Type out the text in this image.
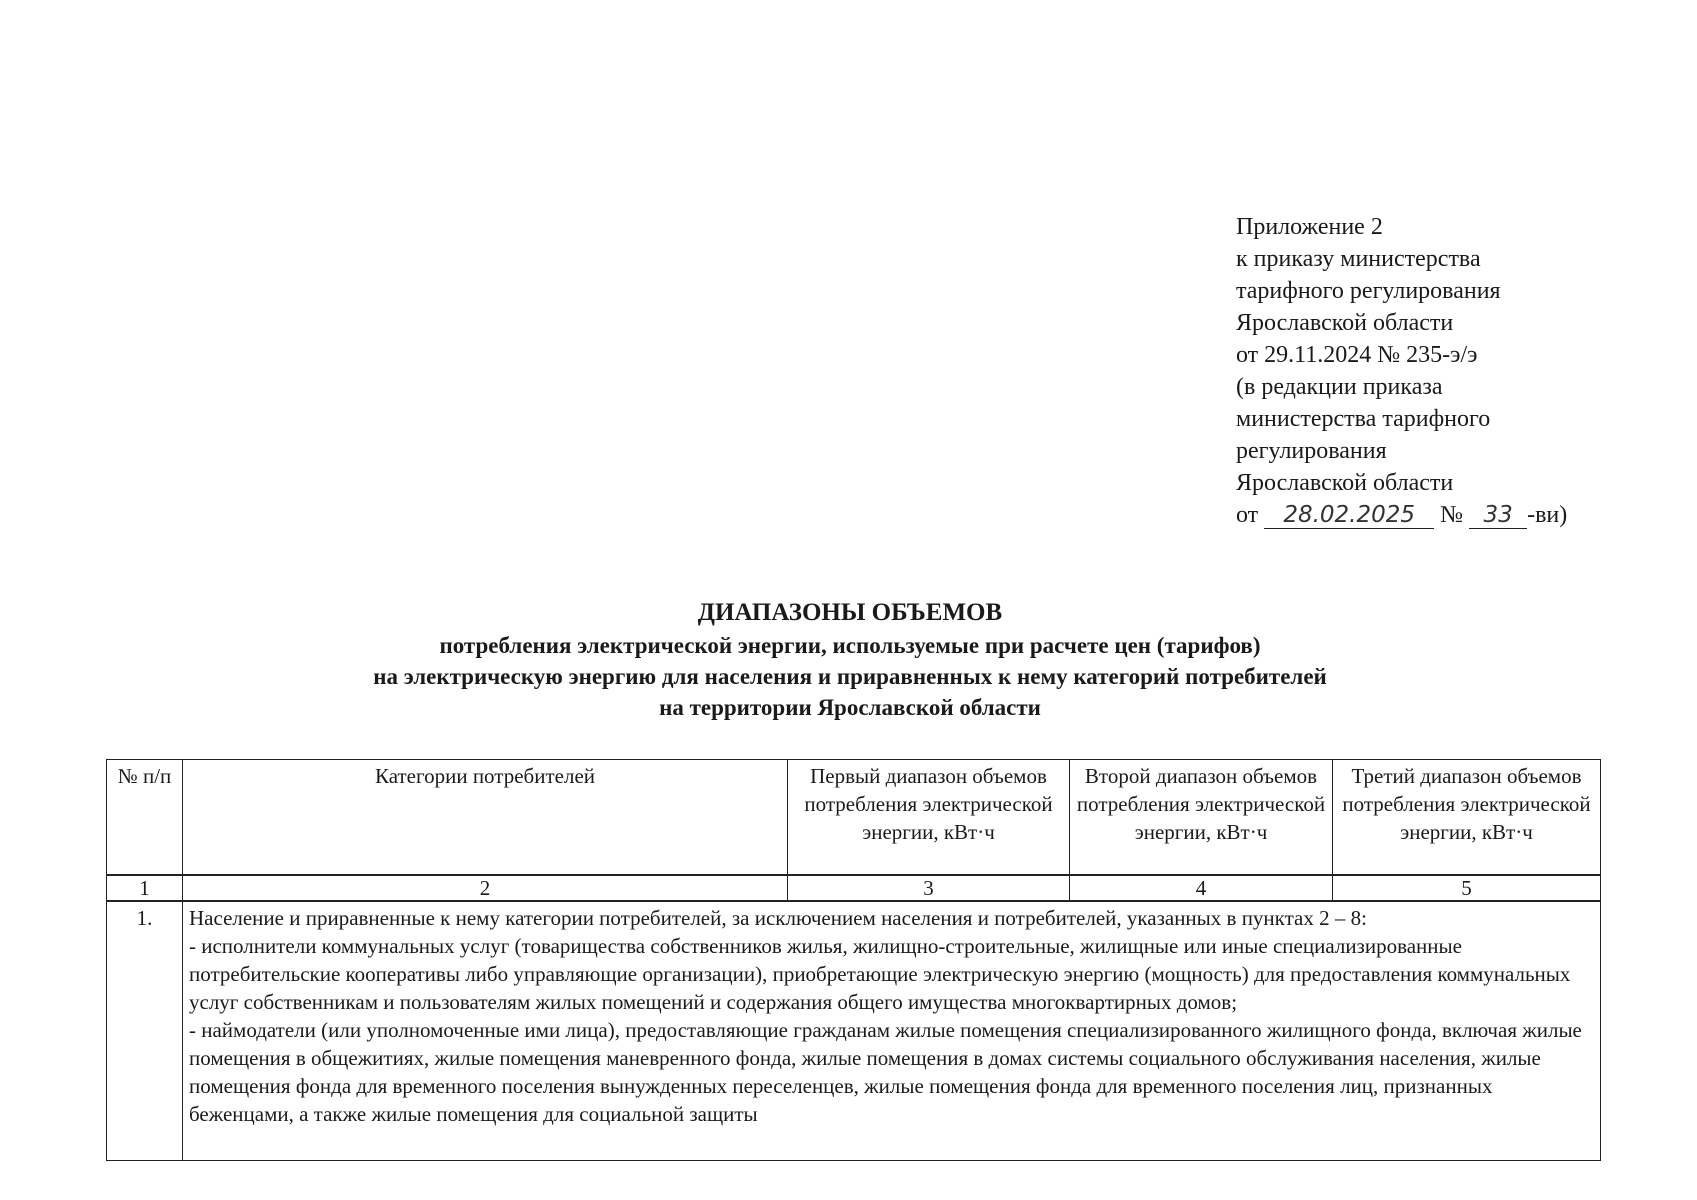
Приложение 2
к приказу министерства
тарифного регулирования
Ярославской области
от 29.11.2024 № 235-э/э
(в редакции приказа
министерства тарифного
регулирования
Ярославской области
от 28.02.2025 № 33 -ви)
ДИАПАЗОНЫ ОБЪЕМОВ
потребления электрической энергии, используемые при расчете цен (тарифов)
на электрическую энергию для населения и приравненных к нему категорий потребителей
на территории Ярославской области
№ п/п	Категории потребителей	Первый диапазон объемов потребления электрической энергии, кВт·ч	Второй диапазон объемов потребления электрической энергии, кВт·ч	Третий диапазон объемов потребления электрической энергии, кВт·ч
1	2	3	4	5
1.	Население и приравненные к нему категории потребителей, за исключением населения и потребителей, указанных в пунктах 2 – 8:
- исполнители коммунальных услуг (товарищества собственников жилья, жилищно-строительные, жилищные или иные специализированные потребительские кооперативы либо управляющие организации), приобретающие электрическую энергию (мощность) для предоставления коммунальных услуг собственникам и пользователям жилых помещений и содержания общего имущества многоквартирных домов;
- наймодатели (или уполномоченные ими лица), предоставляющие гражданам жилые помещения специализированного жилищного фонда, включая жилые помещения в общежитиях, жилые помещения маневренного фонда, жилые помещения в домах системы социального обслуживания населения, жилые помещения фонда для временного поселения вынужденных переселенцев, жилые помещения фонда для временного поселения лиц, признанных беженцами, а также жилые помещения для социальной защиты			
